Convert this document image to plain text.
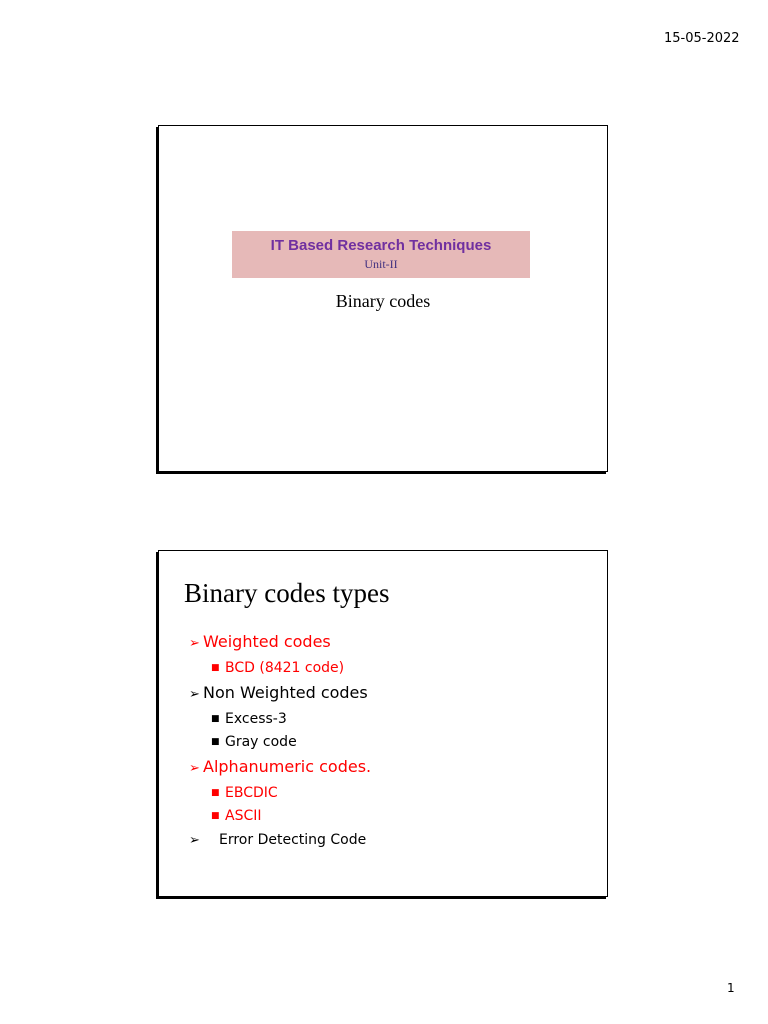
15-05-2022
IT Based Research Techniques
Unit-II
Binary codes
Binary codes types
➢ Weighted codes
■ BCD (8421 code)
➢ Non Weighted codes
■ Excess-3
■ Gray code
➢ Alphanumeric codes.
■ EBCDIC
■ ASCII
➢ Error Detecting Code
1
